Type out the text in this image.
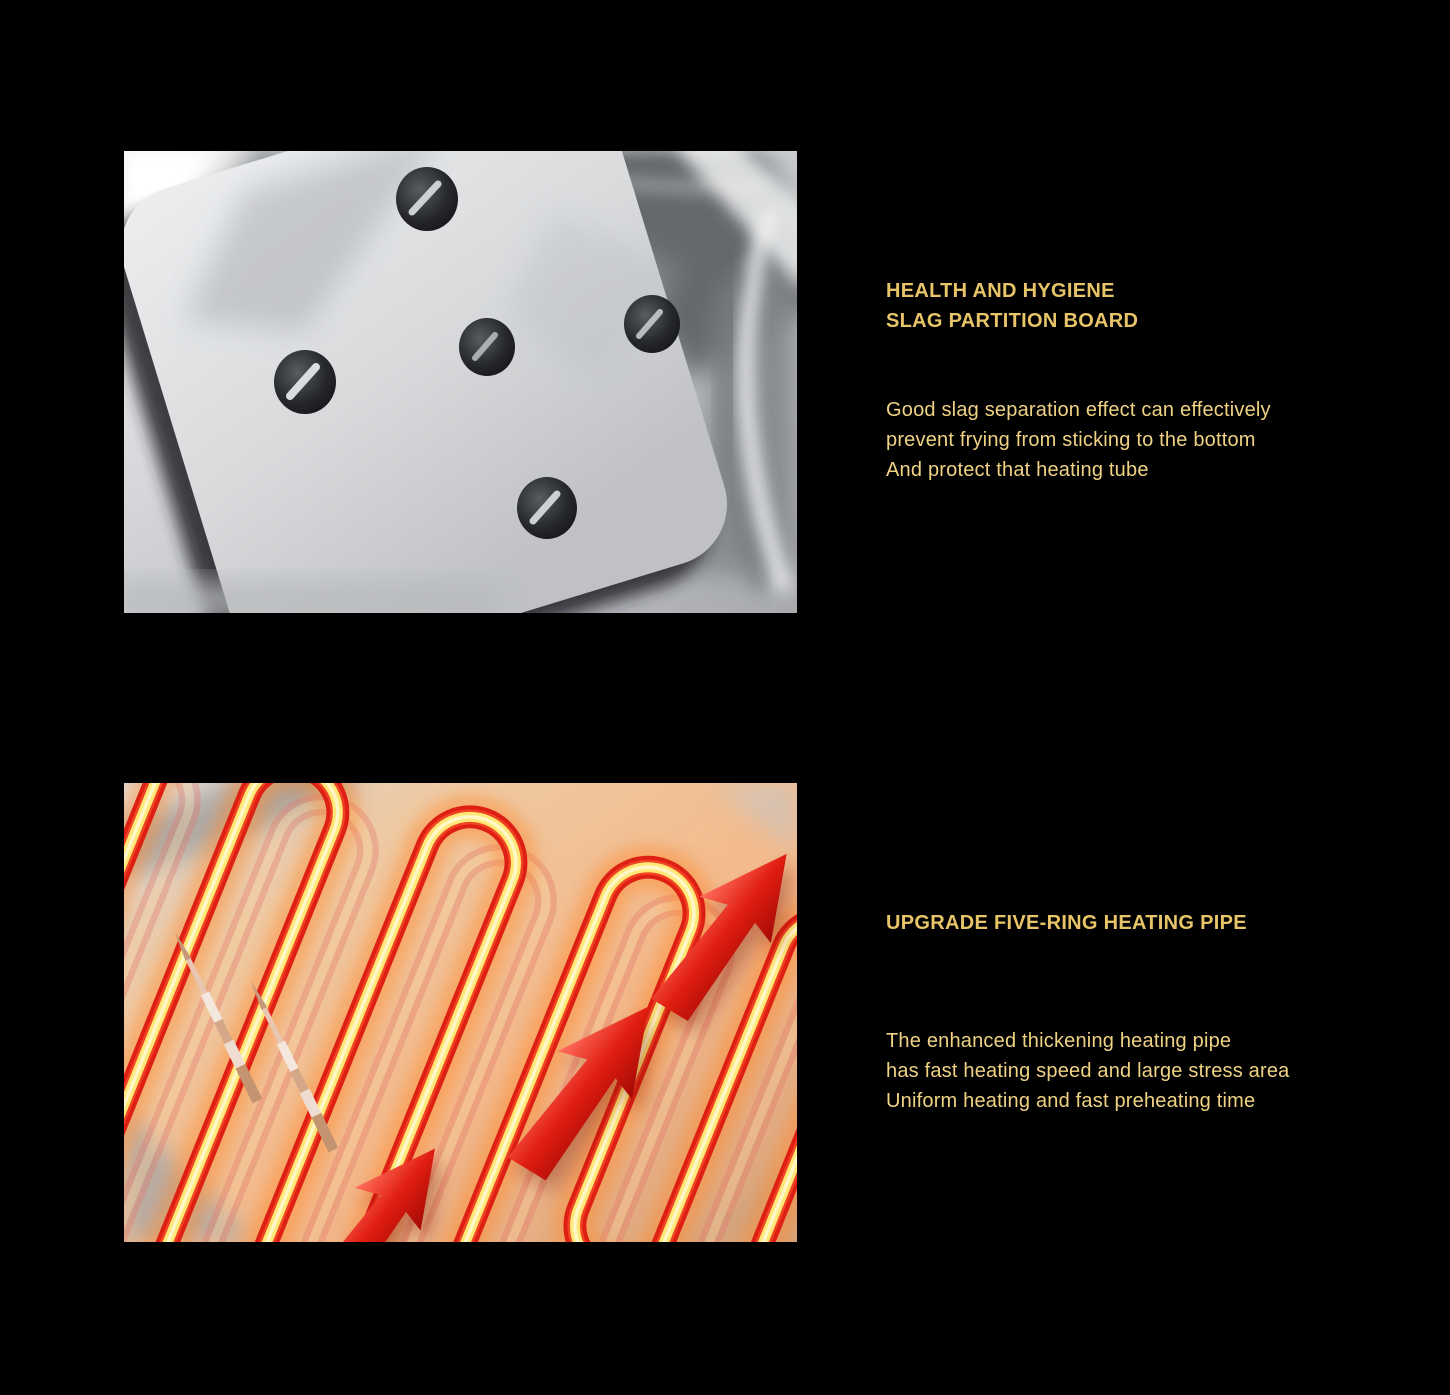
HEALTH AND HYGIENE
SLAG PARTITION BOARD
Good slag separation effect can effectively
prevent frying from sticking to the bottom
And protect that heating tube
UPGRADE FIVE-RING HEATING PIPE
The enhanced thickening heating pipe
has fast heating speed and large stress area
Uniform heating and fast preheating time
